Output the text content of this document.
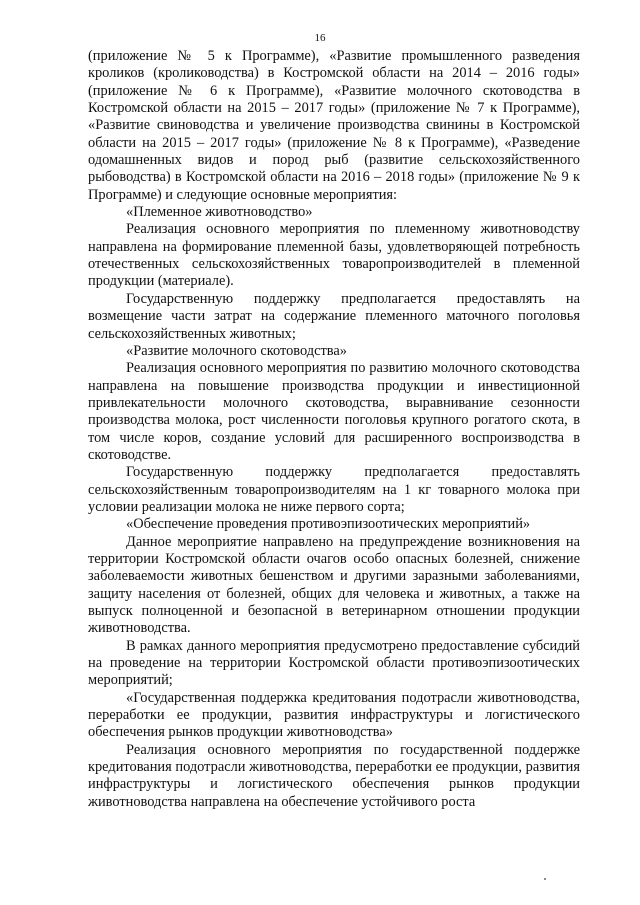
16

(приложение № 5 к Программе), «Развитие промышленного разведения кроликов (кролиководства) в Костромской области на 2014 – 2016 годы» (приложение № 6 к Программе), «Развитие молочного скотоводства в Костромской области на 2015 – 2017 годы» (приложение № 7 к Программе), «Развитие свиноводства и увеличение производства свинины в Костромской области на 2015 – 2017 годы» (приложение № 8 к Программе), «Разведение одомашненных видов и пород рыб (развитие сельскохозяйственного рыбоводства) в Костромской области на 2016 – 2018 годы» (приложение № 9 к Программе) и следующие основные мероприятия:

«Племенное животноводство»

Реализация основного мероприятия по племенному животноводству направлена на формирование племенной базы, удовлетворяющей потребность отечественных сельскохозяйственных товаропроизводителей в племенной продукции (материале).

Государственную поддержку предполагается предоставлять на возмещение части затрат на содержание племенного маточного поголовья сельскохозяйственных животных;

«Развитие молочного скотоводства»

Реализация основного мероприятия по развитию молочного скотоводства направлена на повышение производства продукции и инвестиционной привлекательности молочного скотоводства, выравнивание сезонности производства молока, рост численности поголовья крупного рогатого скота, в том числе коров, создание условий для расширенного воспроизводства в скотоводстве.

Государственную поддержку предполагается предоставлять сельскохозяйственным товаропроизводителям на 1 кг товарного молока при условии реализации молока не ниже первого сорта;

«Обеспечение проведения противоэпизоотических мероприятий»

Данное мероприятие направлено на предупреждение возникновения на территории Костромской области очагов особо опасных болезней, снижение заболеваемости животных бешенством и другими заразными заболеваниями, защиту населения от болезней, общих для человека и животных, а также на выпуск полноценной и безопасной в ветеринарном отношении продукции животноводства.

В рамках данного мероприятия предусмотрено предоставление субсидий на проведение на территории Костромской области противоэпизоотических мероприятий;

«Государственная поддержка кредитования подотрасли животноводства, переработки ее продукции, развития инфраструктуры и логистического обеспечения рынков продукции животноводства»

Реализация основного мероприятия по государственной поддержке кредитования подотрасли животноводства, переработки ее продукции, развития инфраструктуры и логистического обеспечения рынков продукции животноводства направлена на обеспечение устойчивого роста
